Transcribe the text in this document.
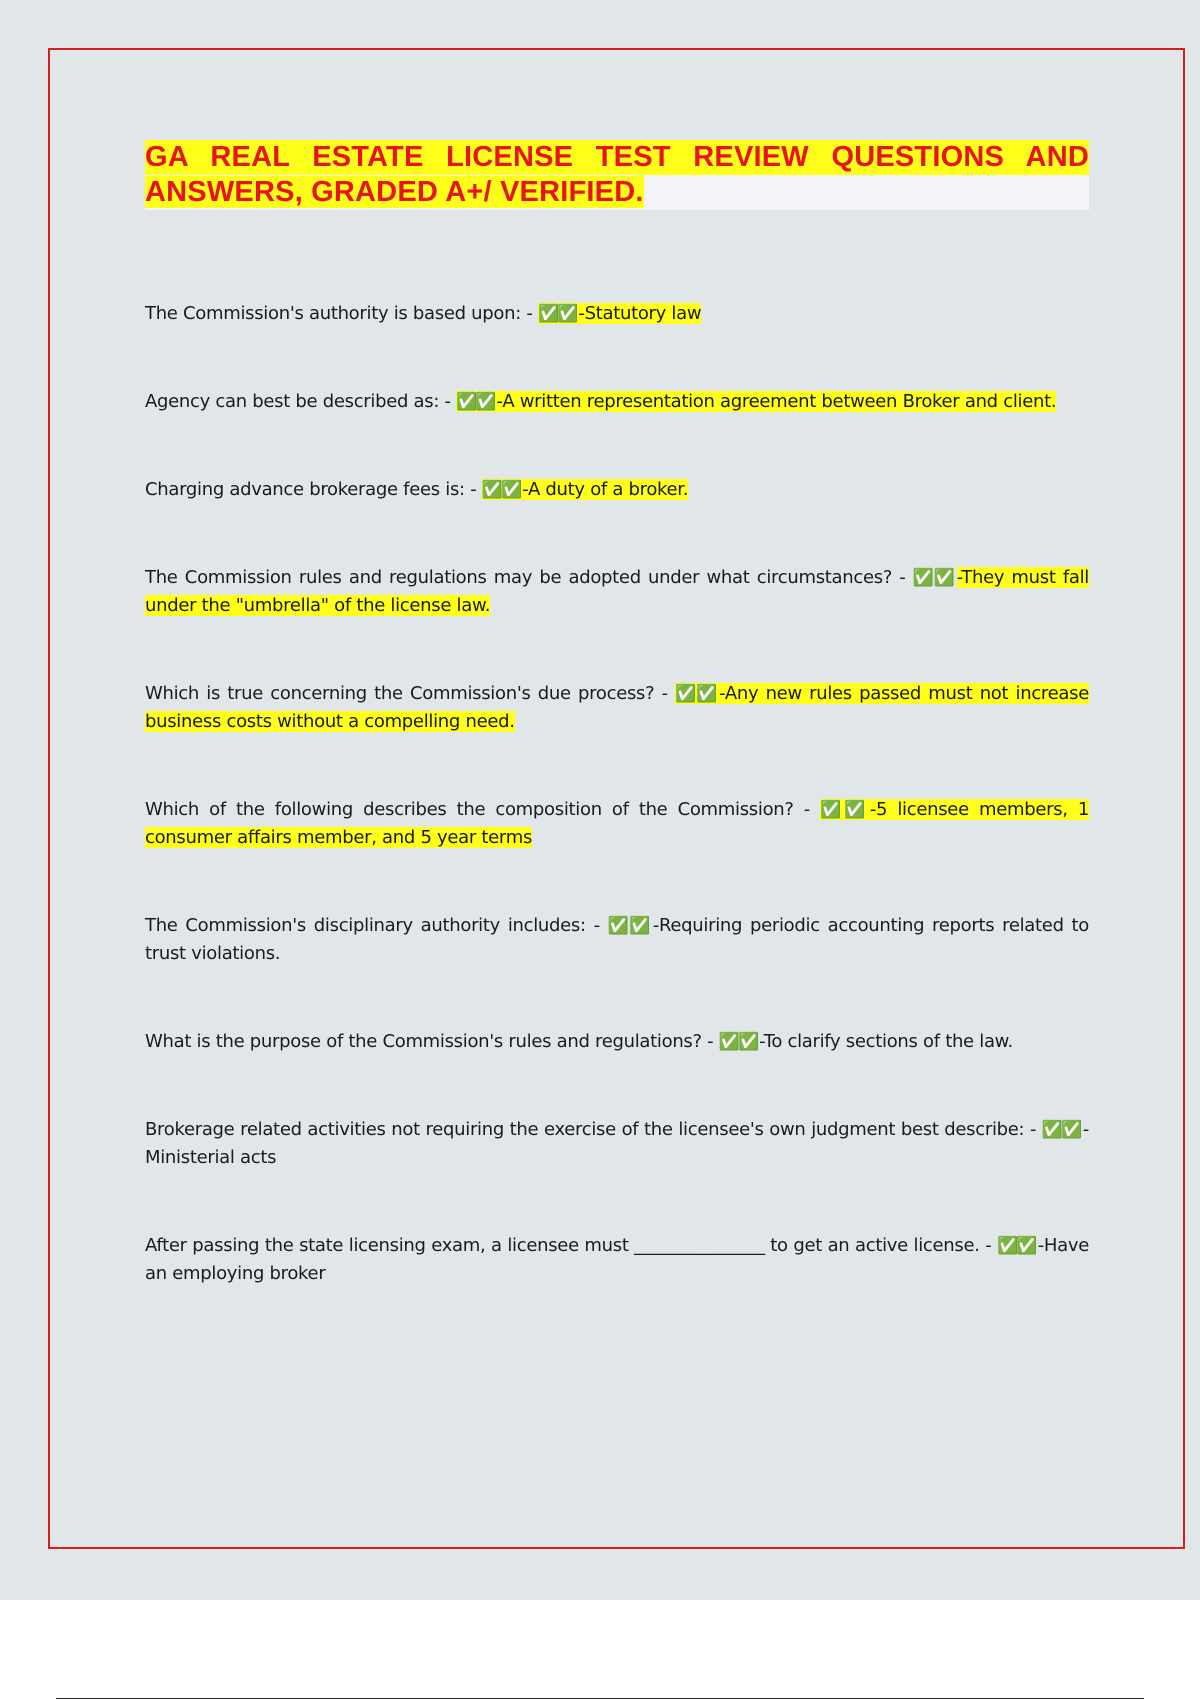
GA REAL ESTATE LICENSE TEST REVIEW QUESTIONS AND
ANSWERS, GRADED A+/ VERIFIED.

The Commission's authority is based upon: - ✅✅ -Statutory law

Agency can best be described as: - ✅✅ -A written representation agreement between Broker and client.

Charging advance brokerage fees is: - ✅✅ -A duty of a broker.

The Commission rules and regulations may be adopted under what circumstances? - ✅✅ -They must fall under the "umbrella" of the license law.

Which is true concerning the Commission's due process? - ✅✅ -Any new rules passed must not increase business costs without a compelling need.

Which of the following describes the composition of the Commission? - ✅✅ -5 licensee members, 1 consumer affairs member, and 5 year terms

The Commission's disciplinary authority includes: - ✅✅ -Requiring periodic accounting reports related to trust violations.

What is the purpose of the Commission's rules and regulations? - ✅✅ -To clarify sections of the law.

Brokerage related activities not requiring the exercise of the licensee's own judgment best describe: - ✅✅ -Ministerial acts

After passing the state licensing exam, a licensee must _______________ to get an active license. - ✅✅ -Have an employing broker
